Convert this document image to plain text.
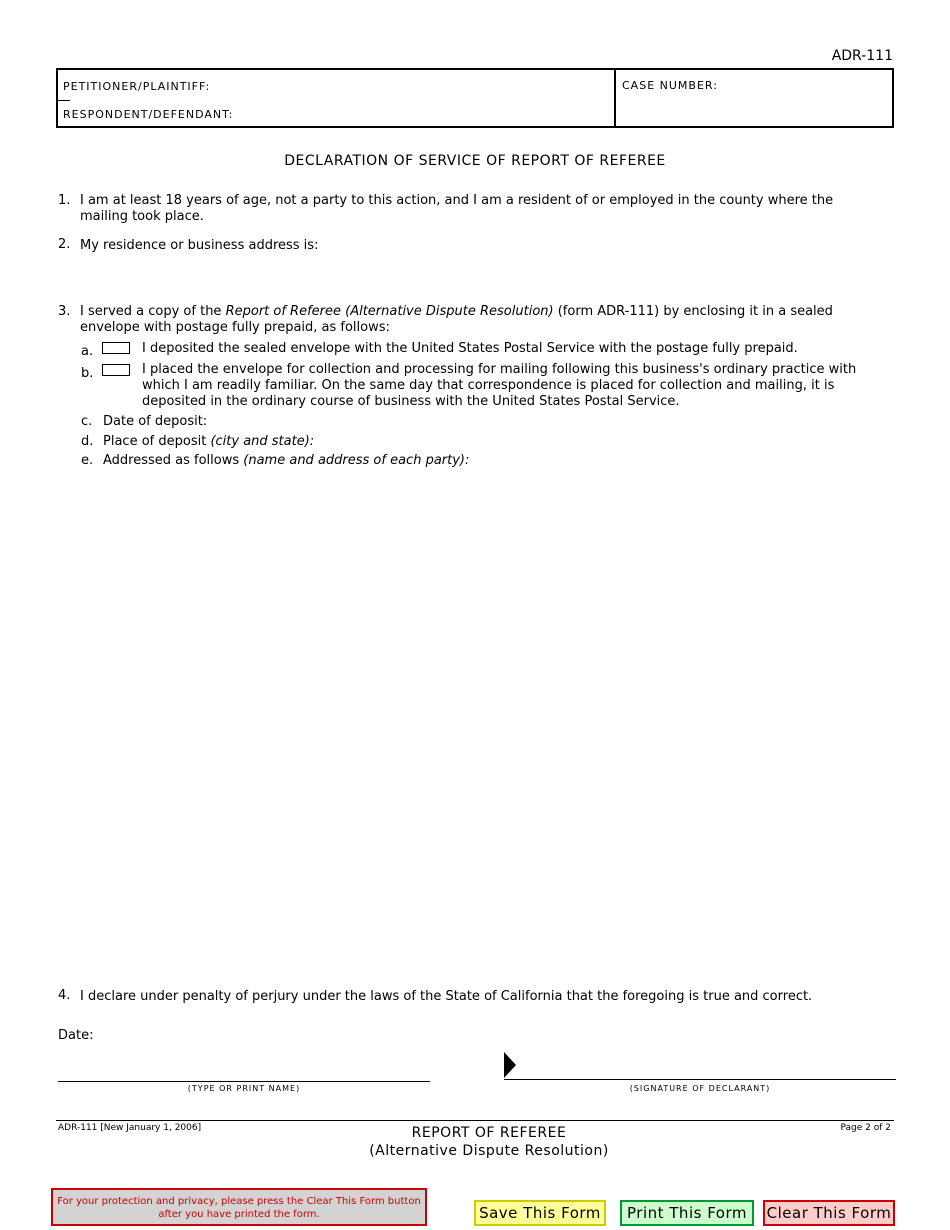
ADR-111
PETITIONER/PLAINTIFF:
RESPONDENT/DEFENDANT:
CASE NUMBER:
DECLARATION OF SERVICE OF REPORT OF REFEREE
1. I am at least 18 years of age, not a party to this action, and I am a resident of or employed in the county where the mailing took place.
2. My residence or business address is:
3. I served a copy of the Report of Referee (Alternative Dispute Resolution) (form ADR-111) by enclosing it in a sealed envelope with postage fully prepaid, as follows:
a.	I deposited the sealed envelope with the United States Postal Service with the postage fully prepaid.
b.	I placed the envelope for collection and processing for mailing following this business's ordinary practice with which I am readily familiar. On the same day that correspondence is placed for collection and mailing, it is deposited in the ordinary course of business with the United States Postal Service.
c. Date of deposit:
d. Place of deposit (city and state):
e. Addressed as follows (name and address of each party):
4. I declare under penalty of perjury under the laws of the State of California that the foregoing is true and correct.
Date:
(TYPE OR PRINT NAME)	(SIGNATURE OF DECLARANT)
ADR-111 [New January 1, 2006]	Page 2 of 2
REPORT OF REFEREE
(Alternative Dispute Resolution)
For your protection and privacy, please press the Clear This Form button after you have printed the form.	Save This Form	Print This Form	Clear This Form
